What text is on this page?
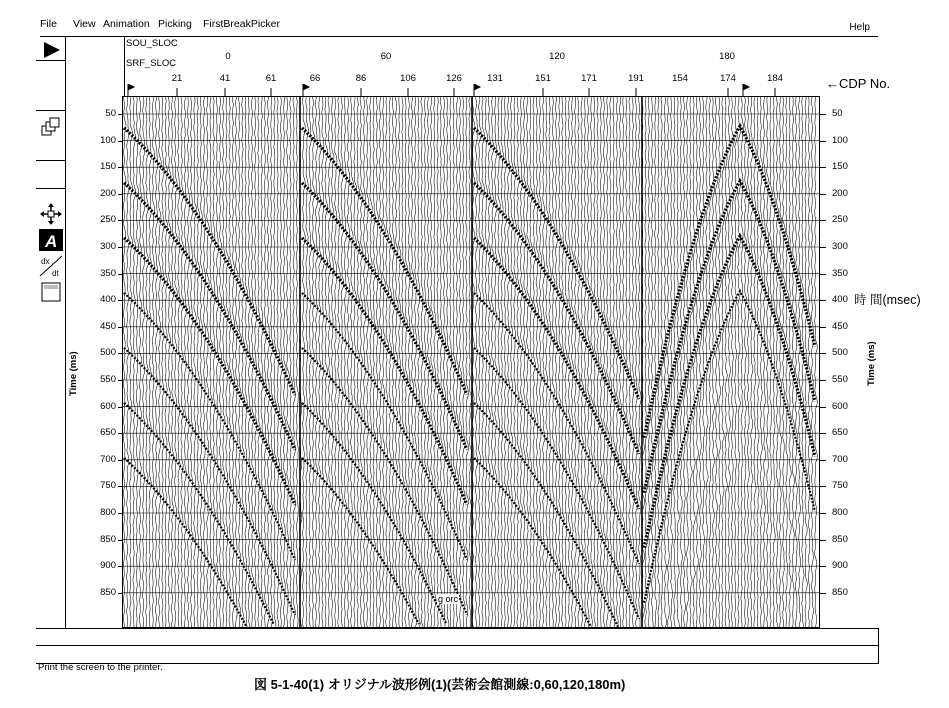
File View Animation Picking FirstBreakPicker	Help
A
dx
dt
SOU_SLOC
SRF_SLOC
0	60	120	180
21	41	61	66	86	106	126	131	151	171	191	154	174	184	←CDP No.
Time (ms)
50
100
150
200
250
300
350
400
450
500
550
600
650
700
750
800
850
900
850
Time (ms)
50
100
150
200
250
300
350
400
450
500
550
600
650
700
750
800
850
900
850
時 間(msec)
g orc
Print the screen to the printer.
図 5-1-40(1) オリジナル波形例(1)(芸術会館測線:0,60,120,180m)
